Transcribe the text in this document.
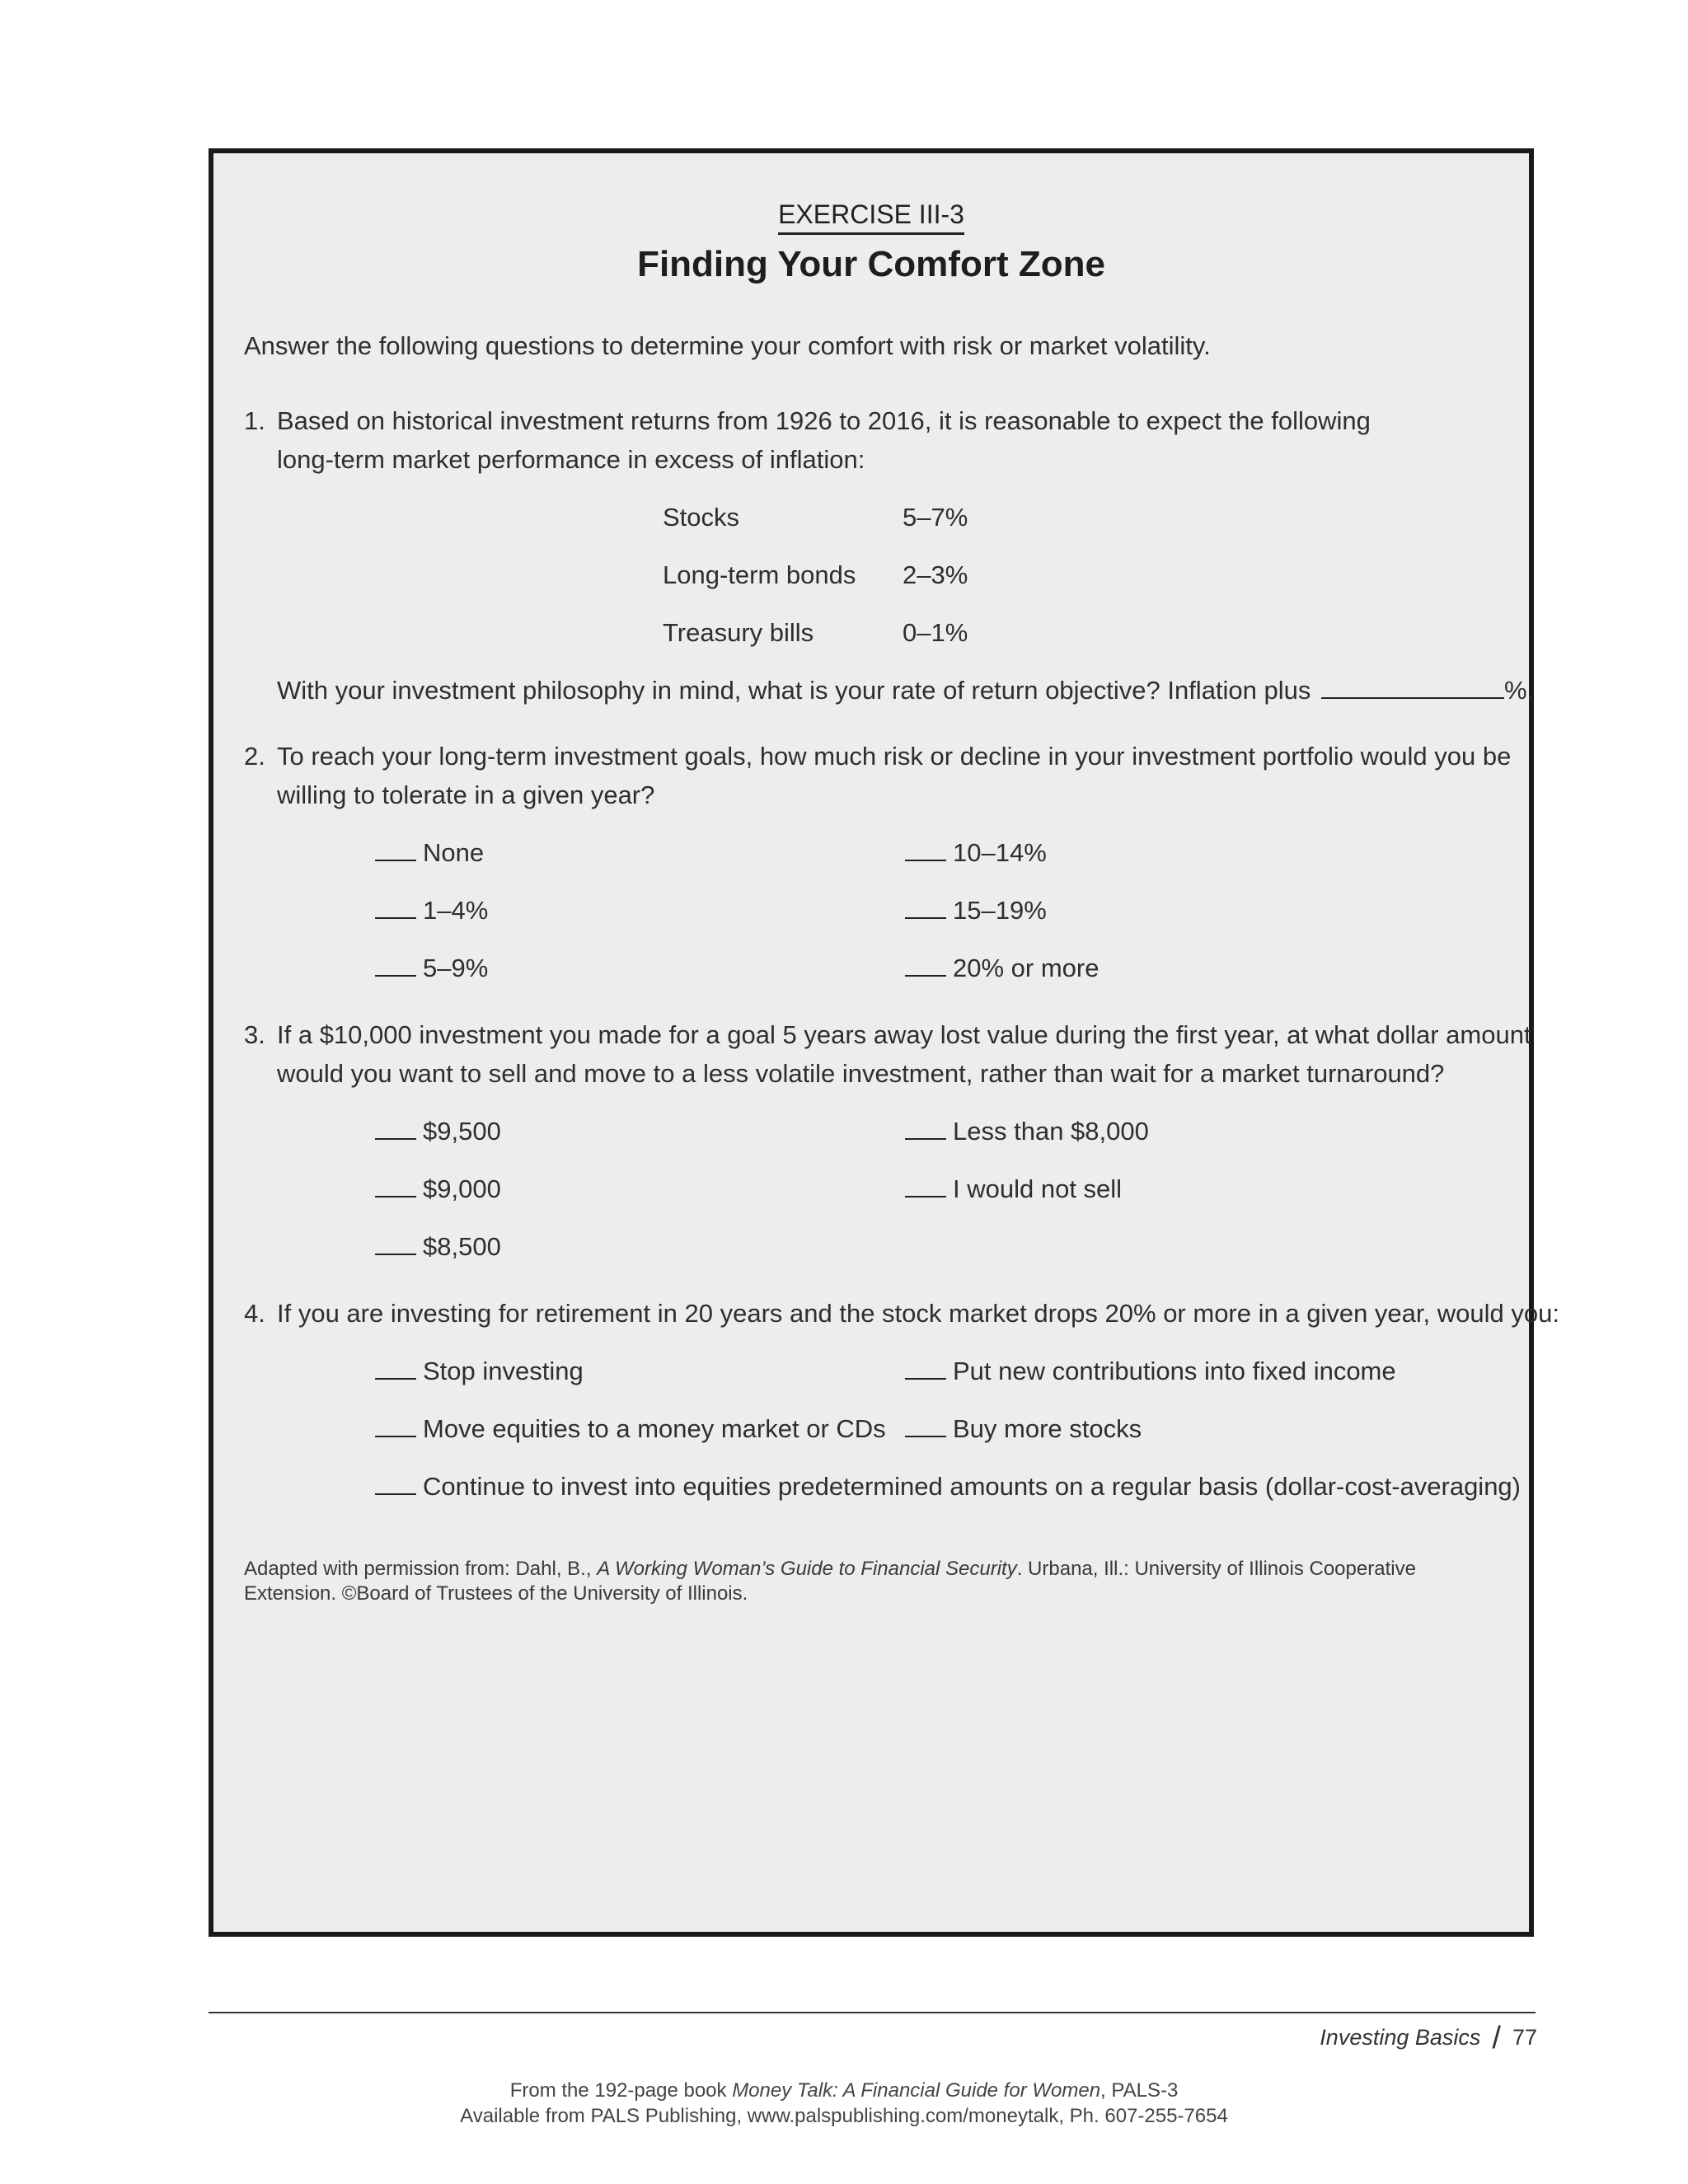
EXERCISE III-3
Finding Your Comfort Zone
Answer the following questions to determine your comfort with risk or market volatility.
1. Based on historical investment returns from 1926 to 2016, it is reasonable to expect the following
long-term market performance in excess of inflation:
Stocks	5–7%
Long-term bonds 2–3%
Treasury bills	0–1%
With your investment philosophy in mind, what is your rate of return objective? Inflation plus	%.
2. To reach your long-term investment goals, how much risk or decline in your investment portfolio would you be
willing to tolerate in a given year?
None
1–4%
5–9%
10–14%
15–19%
20% or more
3. If a $10,000 investment you made for a goal 5 years away lost value during the first year, at what dollar amount
would you want to sell and move to a less volatile investment, rather than wait for a market turnaround?
$9,500
$9,000
$8,500
Less than $8,000
I would not sell
4. If you are investing for retirement in 20 years and the stock market drops 20% or more in a given year, would you:
Stop investing
Move equities to a money market or CDs
Put new contributions into fixed income
Buy more stocks
Continue to invest into equities predetermined amounts on a regular basis (dollar-cost-averaging)
Adapted with permission from: Dahl, B., A Working Woman’s Guide to Financial Security. Urbana, Ill.: University of Illinois Cooperative
Extension. ©Board of Trustees of the University of Illinois.
Investing Basics / 77
From the 192-page book Money Talk: A Financial Guide for Women, PALS-3
Available from PALS Publishing, www.palspublishing.com/moneytalk, Ph. 607-255-7654
